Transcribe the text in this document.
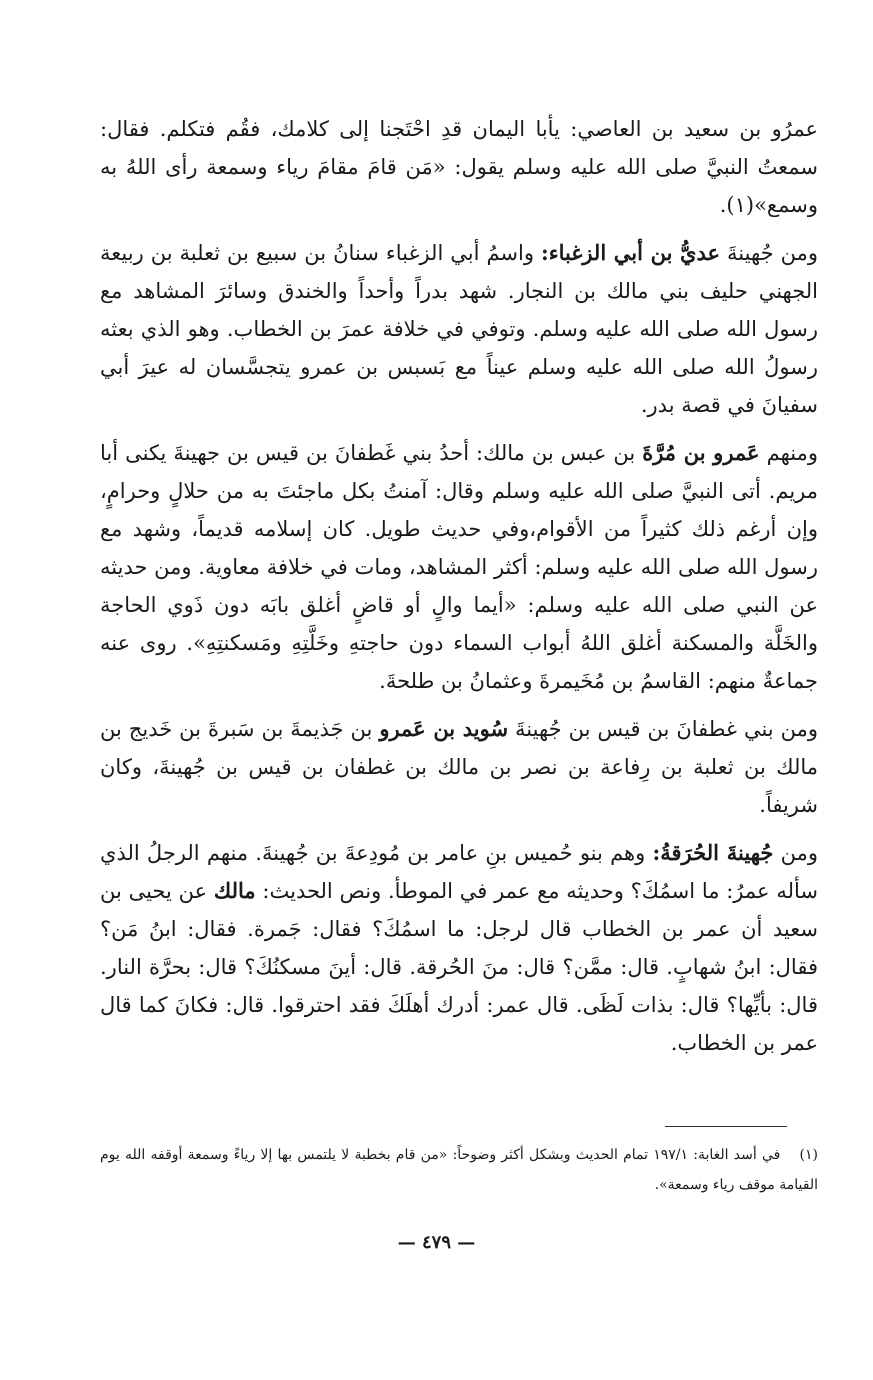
عمرُو بن سعيد بن العاصي: يأبا اليمان قدِ احْتَجنا إلى كلامك، فقُم فتكلم. فقال: سمعتُ النبيَّ صلى الله عليه وسلم يقول: «مَن قامَ مقامَ رياء وسمعة رأى اللهُ به وسمع»(١).

ومن جُهينةَ عديُّ بن أبي الزغباء: واسمُ أبي الزغباء سنانُ بن سبيع بن ثعلبة بن ربيعة الجهني حليف بني مالك بن النجار. شهد بدراً وأحداً والخندق وسائرَ المشاهد مع رسول الله صلى الله عليه وسلم. وتوفي في خلافة عمرَ بن الخطاب. وهو الذي بعثه رسولُ الله صلى الله عليه وسلم عيناً مع بَسبس بن عمرو يتجسَّسان له عيرَ أبي سفيانَ في قصة بدر.

ومنهم عَمرو بن مُرَّةَ بن عبس بن مالك: أحدُ بني غَطفانَ بن قيس بن جهينةَ يكنى أبا مريم. أتى النبيَّ صلى الله عليه وسلم وقال: آمنتُ بكل ماجئتَ به من حلالٍ وحرامٍ، وإن أرغم ذلك كثيراً من الأقوام،وفي حديث طويل. كان إسلامه قديماً، وشهد مع رسول الله صلى الله عليه وسلم: أكثر المشاهد، ومات في خلافة معاوية. ومن حديثه عن النبي صلى الله عليه وسلم: «أيما والٍ أو قاضٍ أغلق بابَه دون ذَوي الحاجة والخَلَّة والمسكنة أغلق اللهُ أبواب السماء دون حاجتهِ وخَلَّتِهِ ومَسكنتِهِ». روى عنه جماعةٌ منهم: القاسمُ بن مُخَيمرةَ وعثمانُ بن طلحةَ.

ومن بني غطفانَ بن قيس بن جُهينةَ سُويد بن عَمرو بن جَذيمةَ بن سَبرةَ بن خَديج بن مالك بن ثعلبة بن رِفاعة بن نصر بن مالك بن غطفان بن قيس بن جُهينةَ، وكان شريفاً.

ومن جُهينةَ الحُرَقةُ: وهم بنو حُميس بنِ عامر بن مُودِعةَ بن جُهينةَ. منهم الرجلُ الذي سأله عمرُ: ما اسمُكَ؟ وحديثه مع عمر في الموطأ. ونص الحديث: مالك عن يحيى بن سعيد أن عمر بن الخطاب قال لرجل: ما اسمُكَ؟ فقال: جَمرة. فقال: ابنُ مَن؟ فقال: ابنُ شهابٍ. قال: ممَّن؟ قال: منَ الحُرقة. قال: أينَ مسكنُكَ؟ قال: بحرَّة النار. قال: بأيِّها؟ قال: بذات لَظَى. قال عمر: أدرك أهلَكَ فقد احترقوا. قال: فكانَ كما قال عمر بن الخطاب.

(١) في أسد الغابة: ١٩٧/١ تمام الحديث وبشكل أكثر وضوحاً: «من قام بخطبة لا يلتمس بها إلا رياءً وسمعة أوقفه الله يوم القيامة موقف رياء وسمعة».
— ٤٧٩ —
